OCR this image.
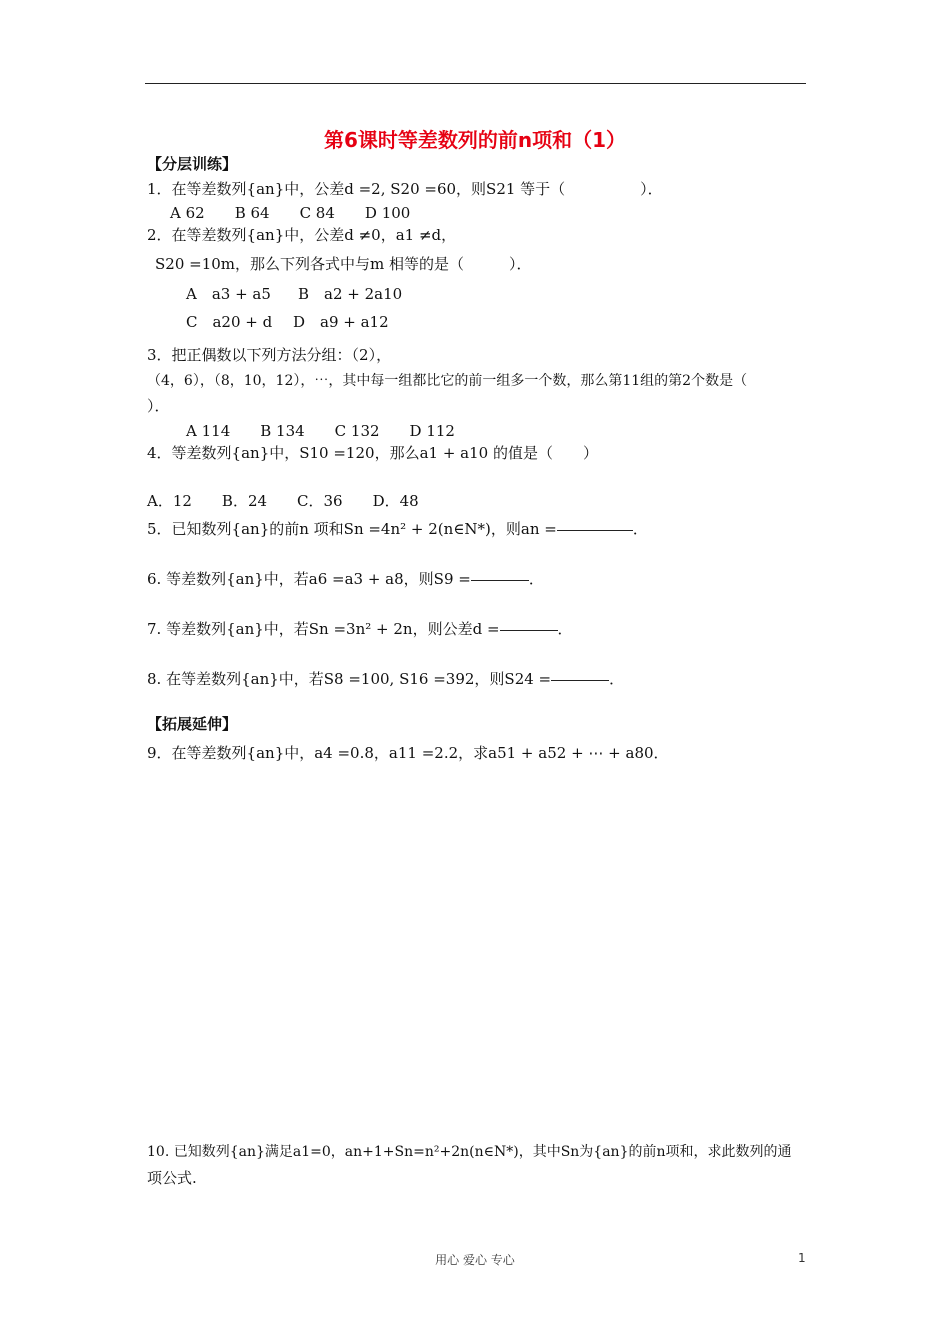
第6课时等差数列的前n项和（1）
【分层训练】
1．在等差数列{an}中，公差d =2, S20 =60，则S21 等于（　　　　　）．
A 62　　B 64　　C 84　　D 100
2．在等差数列{an}中，公差d ≠0，a1 ≠d，
S20 =10m，那么下列各式中与m 相等的是（　　　）．
A　a3 + a5 B　a2 + 2a10
C　a20 + d D　a9 + a12
3．把正偶数以下列方法分组：（2），
（4，6），（8，10，12），⋯，其中每一组都比它的前一组多一个数，那么第11组的第2个数是（
）．
A 114　　B 134　　C 132　　D 112
4．等差数列{an}中，S10 =120，那么a1 + a10 的值是（　　）
A．12　　B．24　　C．36　　D．48
5．已知数列{an}的前n 项和Sn =4n² + 2(n∈N*)，则an =	．
6. 等差数列{an}中，若a6 =a3 + a8，则S9 =	．
7. 等差数列{an}中，若Sn =3n² + 2n，则公差d =	．
8. 在等差数列{an}中，若S8 =100, S16 =392，则S24 =	．
【拓展延伸】
9．在等差数列{an}中，a4 =0.8，a11 =2.2，求a51 + a52 + ⋯ + a80．
10. 已知数列{an}满足a1=0，an+1+Sn=n²+2n(n∈N*)，其中Sn为{an}的前n项和，求此数列的通
项公式.
用心 爱心 专心	1
